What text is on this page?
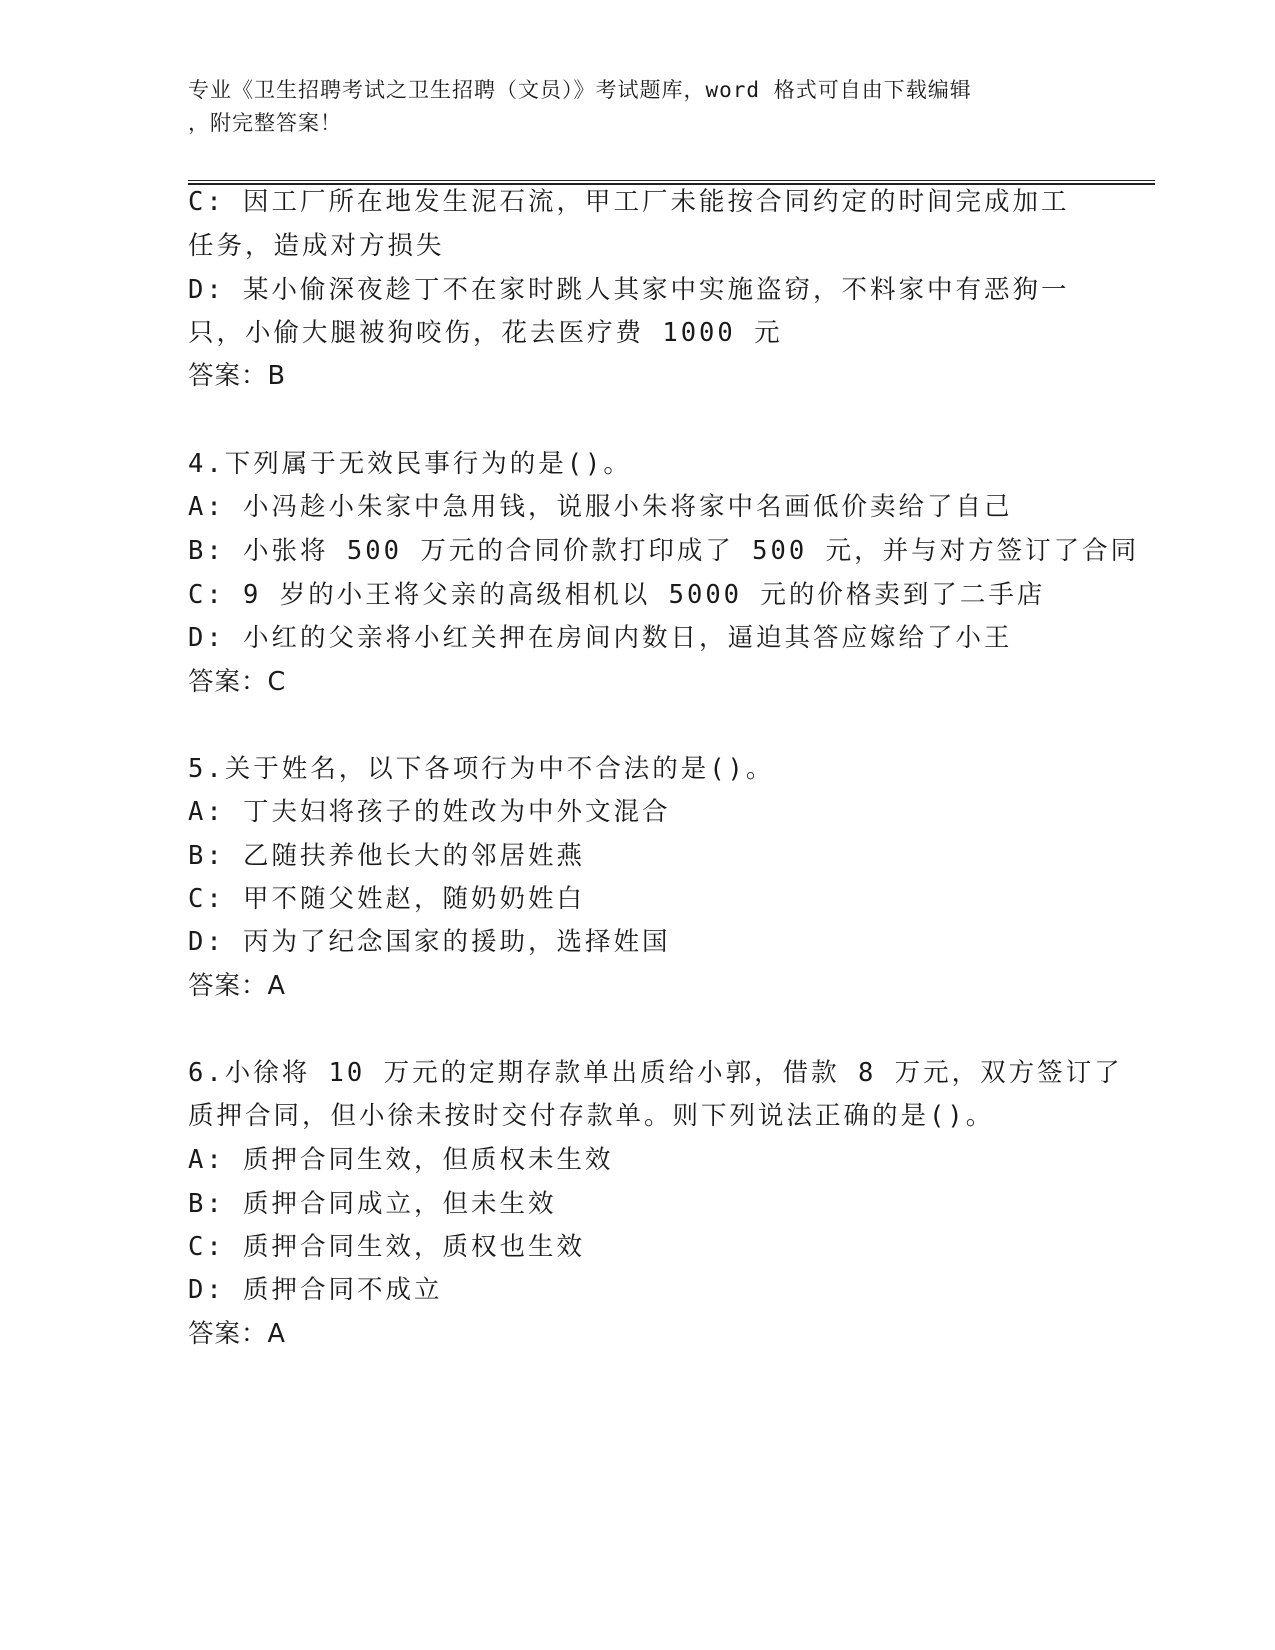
专业《卫生招聘考试之卫生招聘（文员）》考试题库，word 格式可自由下载编辑
，附完整答案！
C: 因工厂所在地发生泥石流，甲工厂未能按合同约定的时间完成加工
任务，造成对方损失
D: 某小偷深夜趁丁不在家时跳人其家中实施盗窃，不料家中有恶狗一
只，小偷大腿被狗咬伤，花去医疗费 1000 元
答案：B
4.下列属于无效民事行为的是()。
A: 小冯趁小朱家中急用钱，说服小朱将家中名画低价卖给了自己
B: 小张将 500 万元的合同价款打印成了 500 元，并与对方签订了合同
C: 9 岁的小王将父亲的高级相机以 5000 元的价格卖到了二手店
D: 小红的父亲将小红关押在房间内数日，逼迫其答应嫁给了小王
答案：C
5.关于姓名，以下各项行为中不合法的是()。
A: 丁夫妇将孩子的姓改为中外文混合
B: 乙随扶养他长大的邻居姓燕
C: 甲不随父姓赵，随奶奶姓白
D: 丙为了纪念国家的援助，选择姓国
答案：A
6.小徐将 10 万元的定期存款单出质给小郭，借款 8 万元，双方签订了
质押合同，但小徐未按时交付存款单。则下列说法正确的是()。
A: 质押合同生效，但质权未生效
B: 质押合同成立，但未生效
C: 质押合同生效，质权也生效
D: 质押合同不成立
答案：A
